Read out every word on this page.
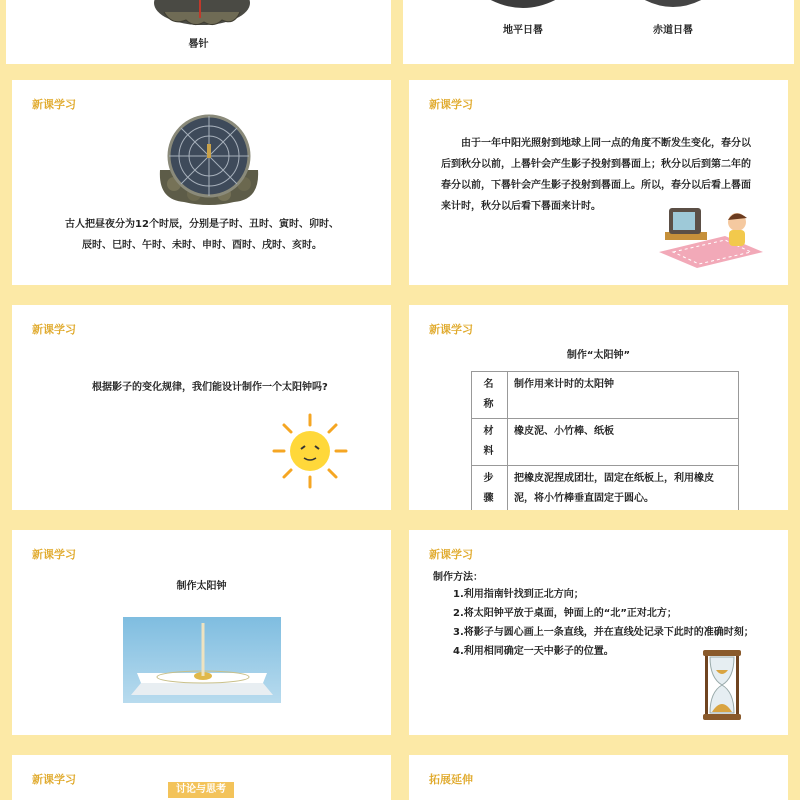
晷针
地平日晷	赤道日晷
新课学习
古人把昼夜分为12个时辰，分别是子时、丑时、寅时、卯时、辰时、巳时、午时、未时、申时、酉时、戌时、亥时。
新课学习
由于一年中阳光照射到地球上同一点的角度不断发生变化，春分以后到秋分以前，上晷针会产生影子投射到晷面上；秋分以后到第二年的春分以前，下晷针会产生影子投射到晷面上。所以，春分以后看上晷面来计时，秋分以后看下晷面来计时。
新课学习
根据影子的变化规律，我们能设计制作一个太阳钟吗?
新课学习
制作“太阳钟”
名称	制作用来计时的太阳钟
材料	橡皮泥、小竹棒、纸板
步骤	把橡皮泥捏成团壮，固定在纸板上，利用橡皮泥，将小竹棒垂直固定于圆心。
新课学习
制作太阳钟
新课学习
制作方法：
1.利用指南针找到正北方向；
2.将太阳钟平放于桌面，钟面上的“北”正对北方；
3.将影子与圆心画上一条直线，并在直线处记录下此时的准确时刻；
4.利用相同确定一天中影子的位置。
新课学习
讨论与思考
拓展延伸
